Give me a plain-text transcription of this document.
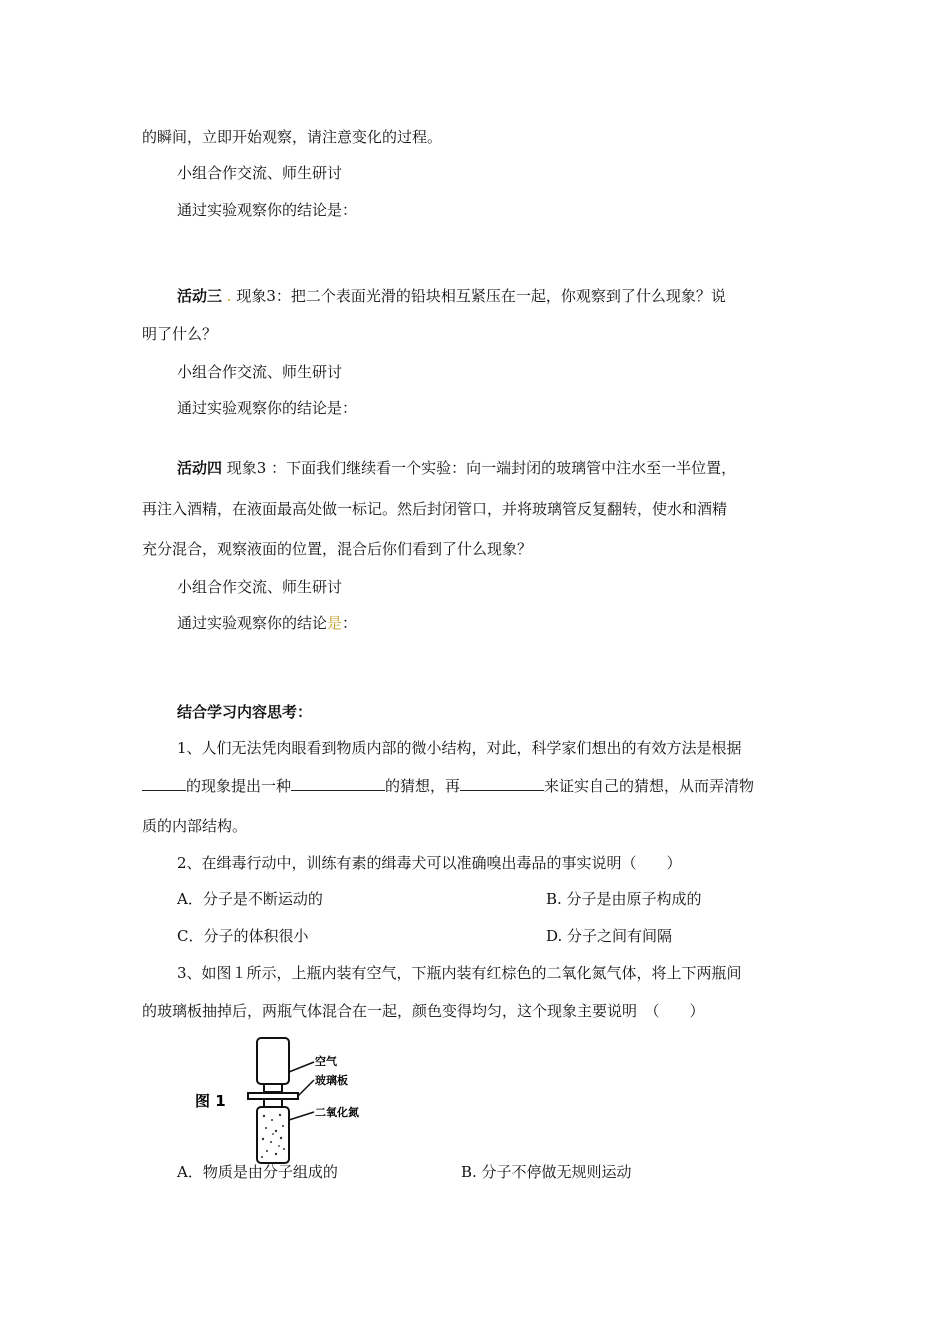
的瞬间，立即开始观察，请注意变化的过程。
小组合作交流、师生研讨
通过实验观察你的结论是：
活动三 . 现象3：把二个表面光滑的铅块相互紧压在一起，你观察到了什么现象？说
明了什么？
小组合作交流、师生研讨
通过实验观察你的结论是：
活动四 现象3 ：下面我们继续看一个实验：向一端封闭的玻璃管中注水至一半位置，
再注入酒精，在液面最高处做一标记。然后封闭管口，并将玻璃管反复翻转，使水和酒精
充分混合，观察液面的位置，混合后你们看到了什么现象？
小组合作交流、师生研讨
通过实验观察你的结论是：
结合学习内容思考：
1、人们无法凭肉眼看到物质内部的微小结构，对此，科学家们想出的有效方法是根据
的现象提出一种	的猜想，再	来证实自己的猜想，从而弄清物
质的内部结构。
2、在缉毒行动中，训练有素的缉毒犬可以准确嗅出毒品的事实说明（　　）
A．分子是不断运动的	B. 分子是由原子构成的
C．分子的体积很小	D. 分子之间有间隔
3、如图１所示，上瓶内装有空气，下瓶内装有红棕色的二氧化氮气体，将上下两瓶间
的玻璃板抽掉后，两瓶气体混合在一起，颜色变得均匀，这个现象主要说明　（　　）
图 1
空气
玻璃板
二氧化氮
A．物质是由分子组成的	B. 分子不停做无规则运动
